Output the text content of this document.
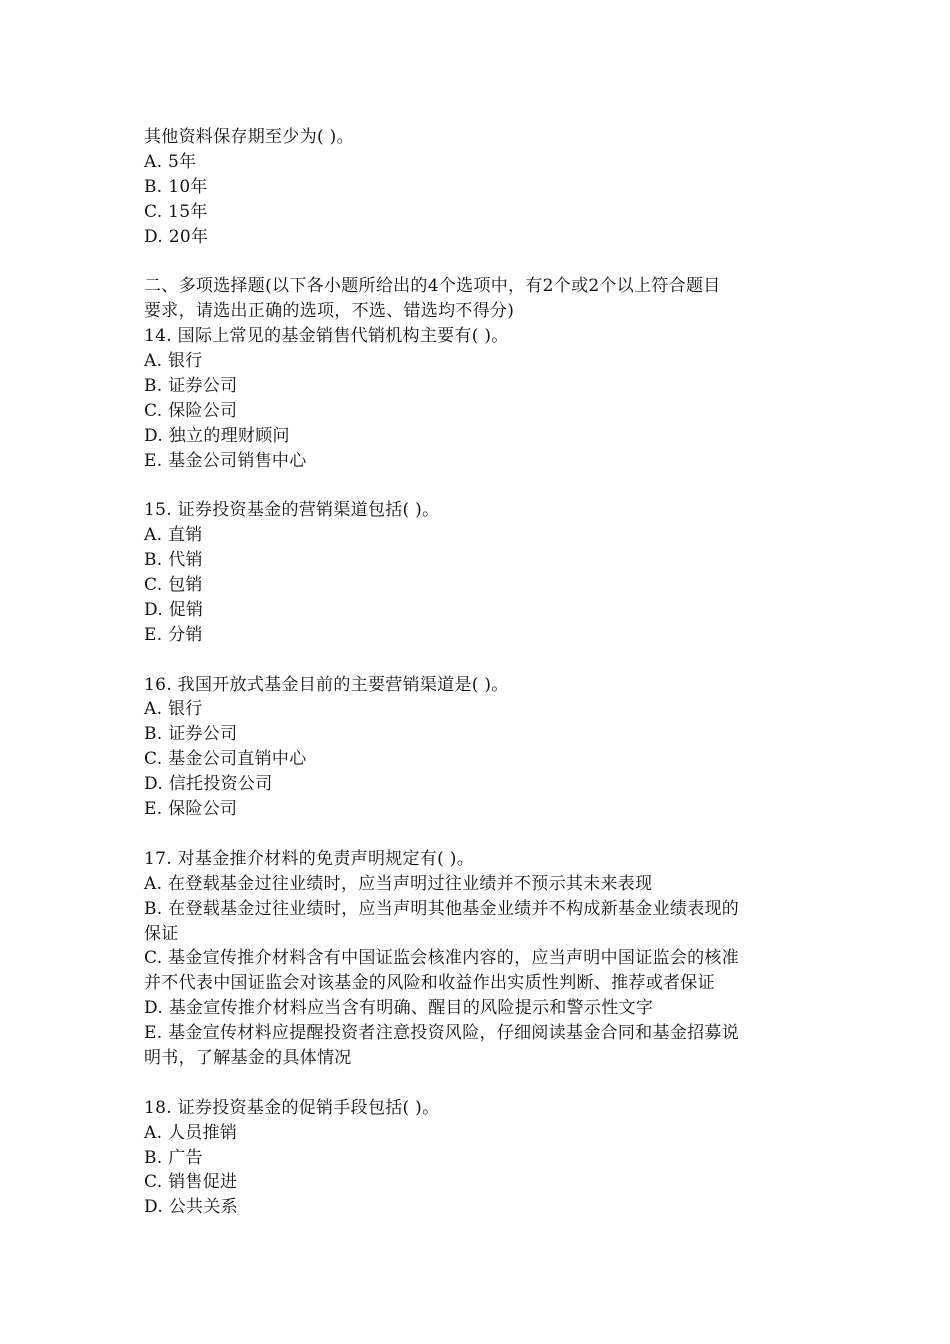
其他资料保存期至少为( )。
A. 5年
B. 10年
C. 15年
D. 20年
二、多项选择题(以下各小题所给出的4个选项中，有2个或2个以上符合题目
要求，请选出正确的选项，不选、错选均不得分)
14. 国际上常见的基金销售代销机构主要有( )。
A. 银行
B. 证券公司
C. 保险公司
D. 独立的理财顾问
E. 基金公司销售中心
15. 证券投资基金的营销渠道包括( )。
A. 直销
B. 代销
C. 包销
D. 促销
E. 分销
16. 我国开放式基金目前的主要营销渠道是( )。
A. 银行
B. 证券公司
C. 基金公司直销中心
D. 信托投资公司
E. 保险公司
17. 对基金推介材料的免责声明规定有( )。
A. 在登载基金过往业绩时，应当声明过往业绩并不预示其未来表现
B. 在登载基金过往业绩时，应当声明其他基金业绩并不构成新基金业绩表现的
保证
C. 基金宣传推介材料含有中国证监会核准内容的，应当声明中国证监会的核准
并不代表中国证监会对该基金的风险和收益作出实质性判断、推荐或者保证
D. 基金宣传推介材料应当含有明确、醒目的风险提示和警示性文字
E. 基金宣传材料应提醒投资者注意投资风险，仔细阅读基金合同和基金招募说
明书，了解基金的具体情况
18. 证券投资基金的促销手段包括( )。
A. 人员推销
B. 广告
C. 销售促进
D. 公共关系
